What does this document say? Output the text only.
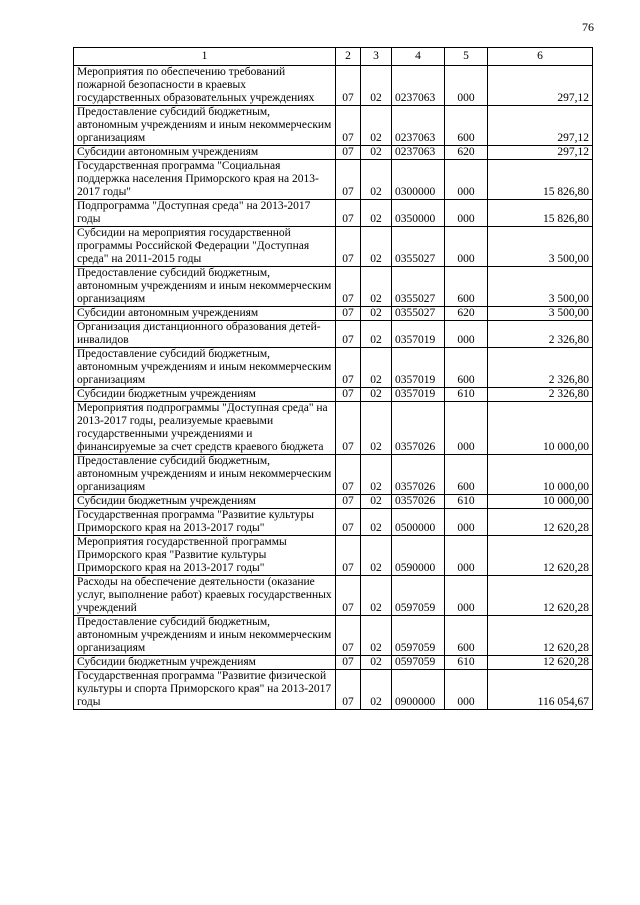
76
1	2	3	4	5	6
Мероприятия по обеспечению требований пожарной безопасности в краевых государственных образовательных учреждениях	07	02	0237063	000	297,12
Предоставление субсидий бюджетным, автономным учреждениям и иным некоммерческим организациям	07	02	0237063	600	297,12
Субсидии автономным учреждениям	07	02	0237063	620	297,12
Государственная программа "Социальная поддержка населения Приморского края на 2013-2017 годы"	07	02	0300000	000	15 826,80
Подпрограмма "Доступная среда" на 2013-2017 годы	07	02	0350000	000	15 826,80
Субсидии на мероприятия государственной программы Российской Федерации "Доступная среда" на 2011-2015 годы	07	02	0355027	000	3 500,00
Предоставление субсидий бюджетным, автономным учреждениям и иным некоммерческим организациям	07	02	0355027	600	3 500,00
Субсидии автономным учреждениям	07	02	0355027	620	3 500,00
Организация дистанционного образования детей-инвалидов	07	02	0357019	000	2 326,80
Предоставление субсидий бюджетным, автономным учреждениям и иным некоммерческим организациям	07	02	0357019	600	2 326,80
Субсидии бюджетным учреждениям	07	02	0357019	610	2 326,80
Мероприятия подпрограммы "Доступная среда" на 2013-2017 годы, реализуемые краевыми государственными учреждениями и финансируемые за счет средств краевого бюджета	07	02	0357026	000	10 000,00
Предоставление субсидий бюджетным, автономным учреждениям и иным некоммерческим организациям	07	02	0357026	600	10 000,00
Субсидии бюджетным учреждениям	07	02	0357026	610	10 000,00
Государственная программа "Развитие культуры Приморского края на 2013-2017 годы"	07	02	0500000	000	12 620,28
Мероприятия государственной программы Приморского края "Развитие культуры Приморского края на 2013-2017 годы"	07	02	0590000	000	12 620,28
Расходы на обеспечение деятельности (оказание услуг, выполнение работ) краевых государственных учреждений	07	02	0597059	000	12 620,28
Предоставление субсидий бюджетным, автономным учреждениям и иным некоммерческим организациям	07	02	0597059	600	12 620,28
Субсидии бюджетным учреждениям	07	02	0597059	610	12 620,28
Государственная программа "Развитие физической культуры и спорта Приморского края" на 2013-2017 годы	07	02	0900000	000	116 054,67
